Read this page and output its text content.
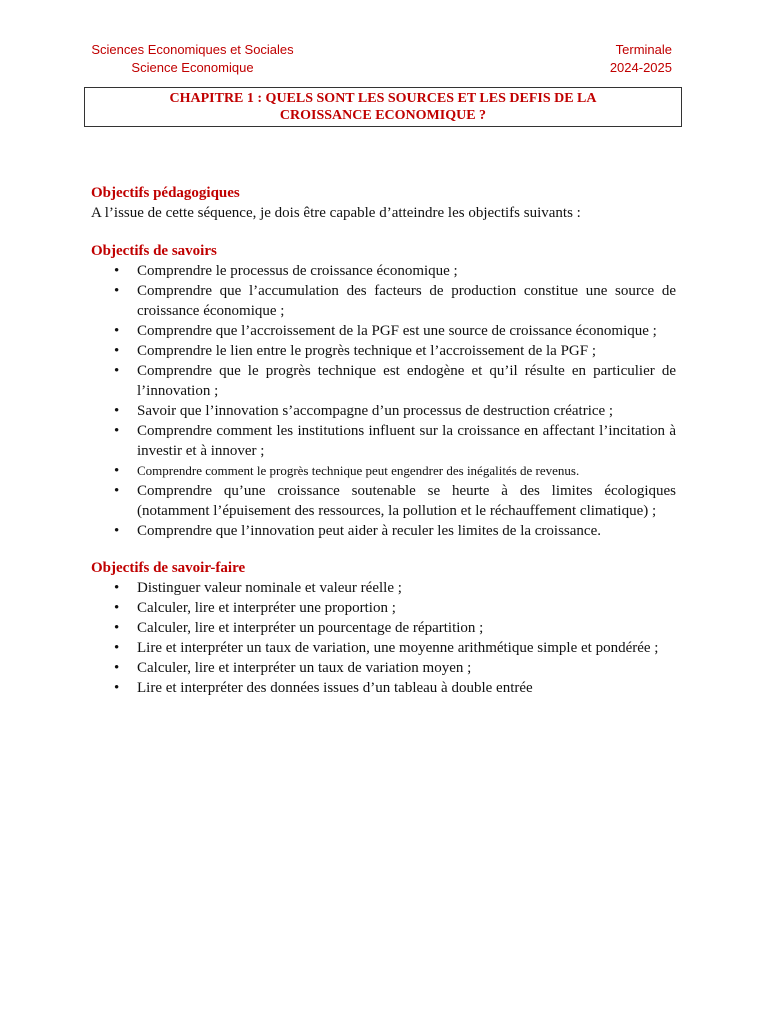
Sciences Economiques et Sociales
Science Economique
Terminale
2024-2025
CHAPITRE 1 : QUELS SONT LES SOURCES ET LES DEFIS DE LA
CROISSANCE ECONOMIQUE ?

Objectifs pédagogiques

A l’issue de cette séquence, je dois être capable d’atteindre les objectifs suivants :

Objectifs de savoirs

• Comprendre le processus de croissance économique ;
• Comprendre que l’accumulation des facteurs de production constitue une source de croissance économique ;
• Comprendre que l’accroissement de la PGF est une source de croissance économique ;
• Comprendre le lien entre le progrès technique et l’accroissement de la PGF ;
• Comprendre que le progrès technique est endogène et qu’il résulte en particulier de l’innovation ;
• Savoir que l’innovation s’accompagne d’un processus de destruction créatrice ;
• Comprendre comment les institutions influent sur la croissance en affectant l’incitation à investir et à innover ;
• Comprendre comment le progrès technique peut engendrer des inégalités de revenus.
• Comprendre qu’une croissance soutenable se heurte à des limites écologiques (notamment l’épuisement des ressources, la pollution et le réchauffement climatique) ;
• Comprendre que l’innovation peut aider à reculer les limites de la croissance.

Objectifs de savoir-faire

• Distinguer valeur nominale et valeur réelle ;
• Calculer, lire et interpréter une proportion ;
• Calculer, lire et interpréter un pourcentage de répartition ;
• Lire et interpréter un taux de variation, une moyenne arithmétique simple et pondérée ;
• Calculer, lire et interpréter un taux de variation moyen ;
• Lire et interpréter des données issues d’un tableau à double entrée
